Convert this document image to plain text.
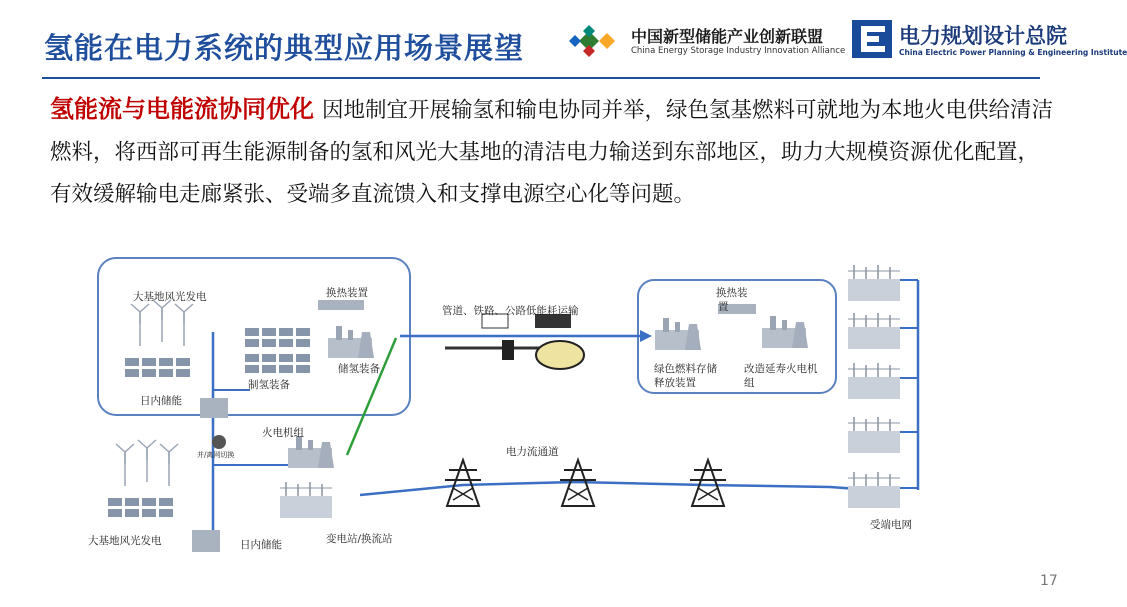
氢能在电力系统的典型应用场景展望	中国新型储能产业创新联盟
China Energy Storage Industry Innovation Alliance
电力规划设计总院
China Electric Power Planning & Engineering Institute
氢能流与电能流协同优化 因地制宜开展输氢和输电协同并举，绿色氢基燃料可就地为本地火电供给清洁燃料，将西部可再生能源制备的氢和风光大基地的清洁电力输送到东部地区，助力大规模资源优化配置，有效缓解输电走廊紧张、受端多直流馈入和支撑电源空心化等问题。
大基地风光发电	换热装置
制氢装备
储氢装备
日内储能
火电机组
并/离网切换
管道、铁路、公路低能耗运输
换热装
置
绿色燃料存储
释放装置
改造延寿火电机
组
电力流通道
大基地风光发电	日内储能	变电站/换流站
受端电网
17
